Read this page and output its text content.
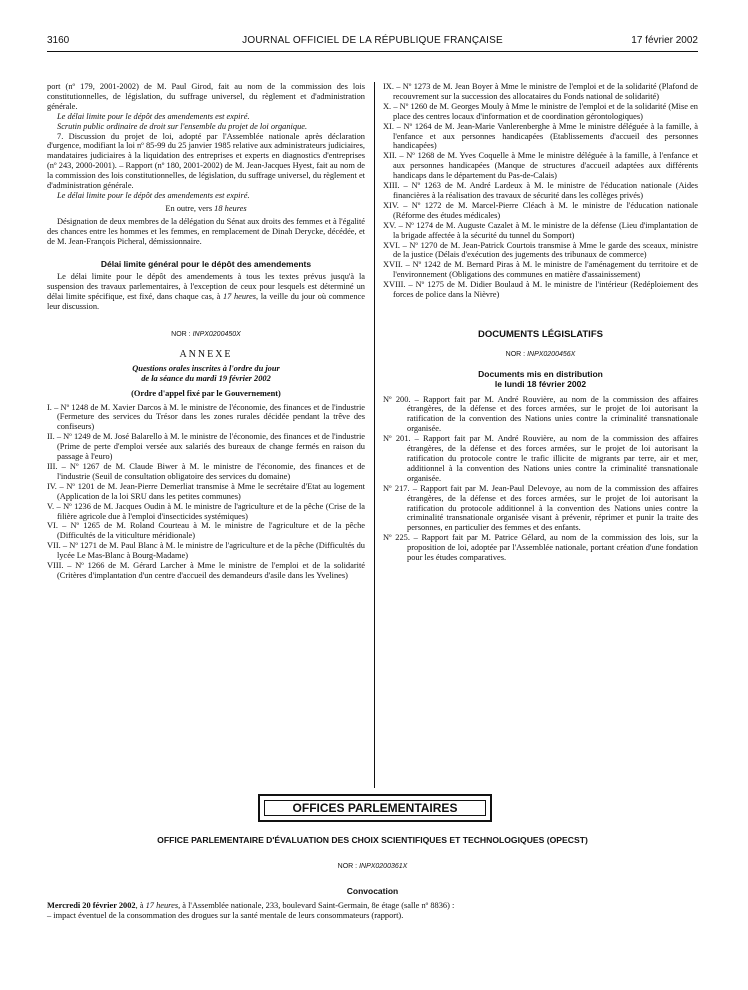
3160	JOURNAL OFFICIEL DE LA RÉPUBLIQUE FRANÇAISE	17 février 2002

port (nº 179, 2001-2002) de M. Paul Girod, fait au nom de la commission des lois constitutionnelles, de législation, du suffrage universel, du règlement et d'administration générale.

Le délai limite pour le dépôt des amendements est expiré.

Scrutin public ordinaire de droit sur l'ensemble du projet de loi organique.

7. Discussion du projet de loi, adopté par l'Assemblée nationale après déclaration d'urgence, modifiant la loi nº 85-99 du 25 janvier 1985 relative aux administrateurs judiciaires, mandataires judiciaires à la liquidation des entreprises et experts en diagnostics d'entreprises (nº 243, 2000-2001). – Rapport (nº 180, 2001-2002) de M. Jean-Jacques Hyest, fait au nom de la commission des lois constitutionnelles, de législation, du suffrage universel, du règlement et d'administration générale.

Le délai limite pour le dépôt des amendements est expiré.

En outre, vers 18 heures

Désignation de deux membres de la délégation du Sénat aux droits des femmes et à l'égalité des chances entre les hommes et les femmes, en remplacement de Dinah Derycke, décédée, et de M. Jean-François Picheral, démissionnaire.

Délai limite général pour le dépôt des amendements

Le délai limite pour le dépôt des amendements à tous les textes prévus jusqu'à la suspension des travaux parlementaires, à l'exception de ceux pour lesquels est déterminé un délai limite spécifique, est fixé, dans chaque cas, à 17 heures, la veille du jour où commence leur discussion.

NOR : INPX0200450X

ANNEXE

Questions orales inscrites à l'ordre du jour

de la séance du mardi 19 février 2002

(Ordre d'appel fixé par le Gouvernement)

I. – Nº 1248 de M. Xavier Darcos à M. le ministre de l'économie, des finances et de l'industrie (Fermeture des services du Trésor dans les zones rurales décidée pendant la trêve des confiseurs)

II. – Nº 1249 de M. José Balarello à M. le ministre de l'économie, des finances et de l'industrie (Prime de perte d'emploi versée aux salariés des bureaux de change fermés en raison du passage à l'euro)

III. – Nº 1267 de M. Claude Biwer à M. le ministre de l'économie, des finances et de l'industrie (Seuil de consultation obligatoire des services du domaine)

IV. – Nº 1201 de M. Jean-Pierre Demerliat transmise à Mme le secrétaire d'Etat au logement (Application de la loi SRU dans les petites communes)

V. – Nº 1236 de M. Jacques Oudin à M. le ministre de l'agriculture et de la pêche (Crise de la filière agricole due à l'emploi d'insecticides systémiques)

VI. – Nº 1265 de M. Roland Courteau à M. le ministre de l'agriculture et de la pêche (Difficultés de la viticulture méridionale)

VII. – Nº 1271 de M. Paul Blanc à M. le ministre de l'agriculture et de la pêche (Difficultés du lycée Le Mas-Blanc à Bourg-Madame)

VIII. – Nº 1266 de M. Gérard Larcher à Mme le ministre de l'emploi et de la solidarité (Critères d'implantation d'un centre d'accueil des demandeurs d'asile dans les Yvelines)

IX. – Nº 1273 de M. Jean Boyer à Mme le ministre de l'emploi et de la solidarité (Plafond de recouvrement sur la succession des allocataires du Fonds national de solidarité)

X. – Nº 1260 de M. Georges Mouly à Mme le ministre de l'emploi et de la solidarité (Mise en place des centres locaux d'information et de coordination gérontologiques)

XI. – Nº 1264 de M. Jean-Marie Vanlerenberghe à Mme le ministre déléguée à la famille, à l'enfance et aux personnes handicapées (Etablissements d'accueil des personnes handicapées)

XII. – Nº 1268 de M. Yves Coquelle à Mme le ministre déléguée à la famille, à l'enfance et aux personnes handicapées (Manque de structures d'accueil adaptées aux différents handicaps dans le département du Pas-de-Calais)

XIII. – Nº 1263 de M. André Lardeux à M. le ministre de l'éducation nationale (Aides financières à la réalisation des travaux de sécurité dans les collèges privés)

XIV. – Nº 1272 de M. Marcel-Pierre Cléach à M. le ministre de l'éducation nationale (Réforme des études médicales)

XV. – Nº 1274 de M. Auguste Cazalet à M. le ministre de la défense (Lieu d'implantation de la brigade affectée à la sécurité du tunnel du Somport)

XVI. – Nº 1270 de M. Jean-Patrick Courtois transmise à Mme le garde des sceaux, ministre de la justice (Délais d'exécution des jugements des tribunaux de commerce)

XVII. – Nº 1242 de M. Bernard Piras à M. le ministre de l'aménagement du territoire et de l'environnement (Obligations des communes en matière d'assainissement)

XVIII. – Nº 1275 de M. Didier Boulaud à M. le ministre de l'intérieur (Redéploiement des forces de police dans la Nièvre)

DOCUMENTS LÉGISLATIFS

NOR : INPX0200456X

Documents mis en distribution

le lundi 18 février 2002

Nº 200. – Rapport fait par M. André Rouvière, au nom de la commission des affaires étrangères, de la défense et des forces armées, sur le projet de loi autorisant la ratification de la convention des Nations unies contre la criminalité transnationale organisée.

Nº 201. – Rapport fait par M. André Rouvière, au nom de la commission des affaires étrangères, de la défense et des forces armées, sur le projet de loi autorisant la ratification du protocole contre le trafic illicite de migrants par terre, air et mer, additionnel à la convention des Nations unies contre la criminalité transnationale organisée.

Nº 217. – Rapport fait par M. Jean-Paul Delevoye, au nom de la commission des affaires étrangères, de la défense et des forces armées, sur le projet de loi autorisant la ratification du protocole additionnel à la convention des Nations unies contre la criminalité transnationale organisée visant à prévenir, réprimer et punir la traite des personnes, en particulier des femmes et des enfants.

Nº 225. – Rapport fait par M. Patrice Gélard, au nom de la commission des lois, sur la proposition de loi, adoptée par l'Assemblée nationale, portant création d'une fondation pour les études comparatives.

OFFICES PARLEMENTAIRES

OFFICE PARLEMENTAIRE D'ÉVALUATION DES CHOIX SCIENTIFIQUES ET TECHNOLOGIQUES (OPECST)

NOR : INPX0200361X

Convocation

Mercredi 20 février 2002, à 17 heures, à l'Assemblée nationale, 233, boulevard Saint-Germain, 8e étage (salle nº 8836) :

– impact éventuel de la consommation des drogues sur la santé mentale de leurs consommateurs (rapport).
